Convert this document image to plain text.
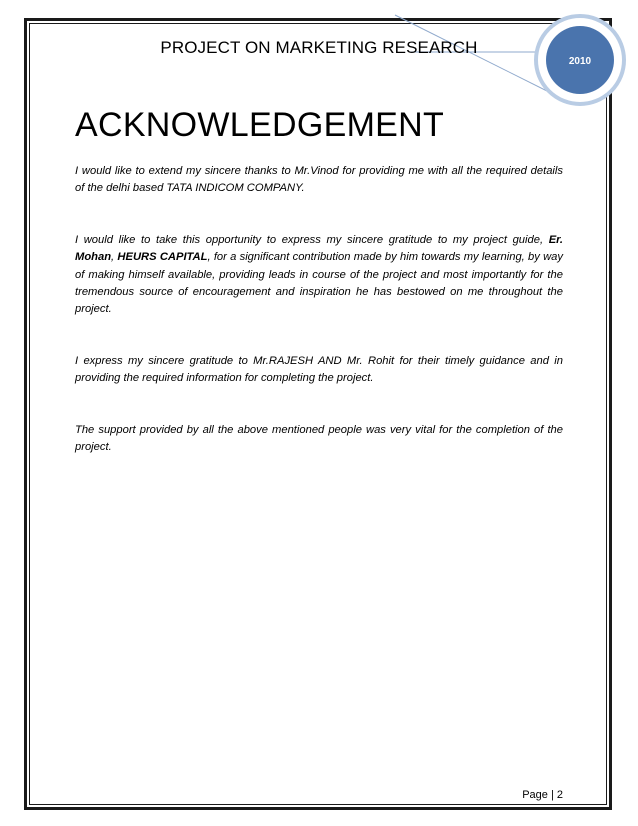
PROJECT ON MARKETING RESEARCH
2010
ACKNOWLEDGEMENT

I would like to extend my sincere thanks to Mr.Vinod for providing me with all the required details of the delhi based TATA INDICOM COMPANY.

I would like to take this opportunity to express my sincere gratitude to my project guide, Er. Mohan, HEURS CAPITAL, for a significant contribution made by him towards my learning, by way of making himself available, providing leads in course of the project and most importantly for the tremendous source of encouragement and inspiration he has bestowed on me throughout the project.

I express my sincere gratitude to Mr.RAJESH AND Mr. Rohit for their timely guidance and in providing the required information for completing the project.

The support provided by all the above mentioned people was very vital for the completion of the project.

Page | 2
